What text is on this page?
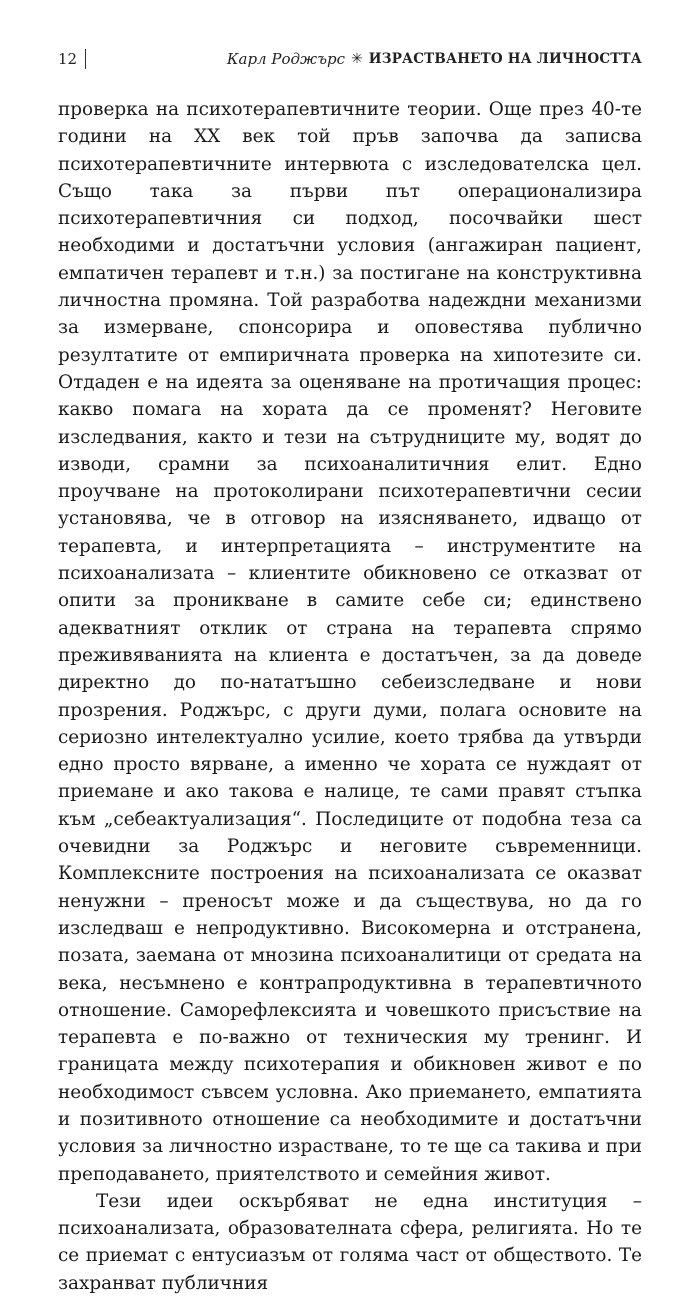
12	Карл Роджърс ✳ ИЗРАСТВАНЕТО НА ЛИЧНОСТТА

проверка на психотерапевтичните теории. Още през 40-те години на XX век той пръв започва да записва психотерапевтичните интервюта с изследователска цел. Също така за първи път операционализира психотерапевтичния си подход, посочвайки шест необходими и достатъчни условия (ангажиран пациент, емпатичен терапевт и т.н.) за постигане на конструктивна личностна промяна. Той разработва надеждни механизми за измерване, спонсорира и оповестява публично резултатите от емпиричната проверка на хипотезите си. Отдаден е на идеята за оценяване на протичащия процес: какво помага на хората да се променят? Неговите изследвания, както и тези на сътрудниците му, водят до изводи, срамни за психоаналитичния елит. Едно проучване на протоколирани психотерапевтични сесии установява, че в отговор на изясняването, идващо от терапевта, и интерпретацията – инструментите на психоанализата – клиентите обикновено се отказват от опити за проникване в самите себе си; единствено адекватният отклик от страна на терапевта спрямо преживяванията на клиента е достатъчен, за да доведе директно до по-нататъшно себеизследване и нови прозрения. Роджърс, с други думи, полага основите на сериозно интелектуално усилие, което трябва да утвърди едно просто вярване, а именно че хората се нуждаят от приемане и ако такова е налице, те сами правят стъпка към „себеактуализация“. Последиците от подобна теза са очевидни за Роджърс и неговите съвременници. Комплексните построения на психоанализата се оказват ненужни – преносът може и да съществува, но да го изследваш е непродуктивно. Високомерна и отстранена, позата, заемана от мнозина психоаналитици от средата на века, несъмнено е контрапродуктивна в терапевтичното отношение. Саморефлексията и човешкото присъствие на терапевта е по-важно от техническия му тренинг. И границата между психотерапия и обикновен живот е по необходимост съвсем условна. Ако приемането, емпатията и позитивното отношение са необходимите и достатъчни условия за личностно израстване, то те ще са такива и при преподаването, приятелството и семейния живот.

Тези идеи оскърбяват не една институция – психоанализата, образователната сфера, религията. Но те се приемат с ентусиазъм от голяма част от обществото. Те захранват публичния
